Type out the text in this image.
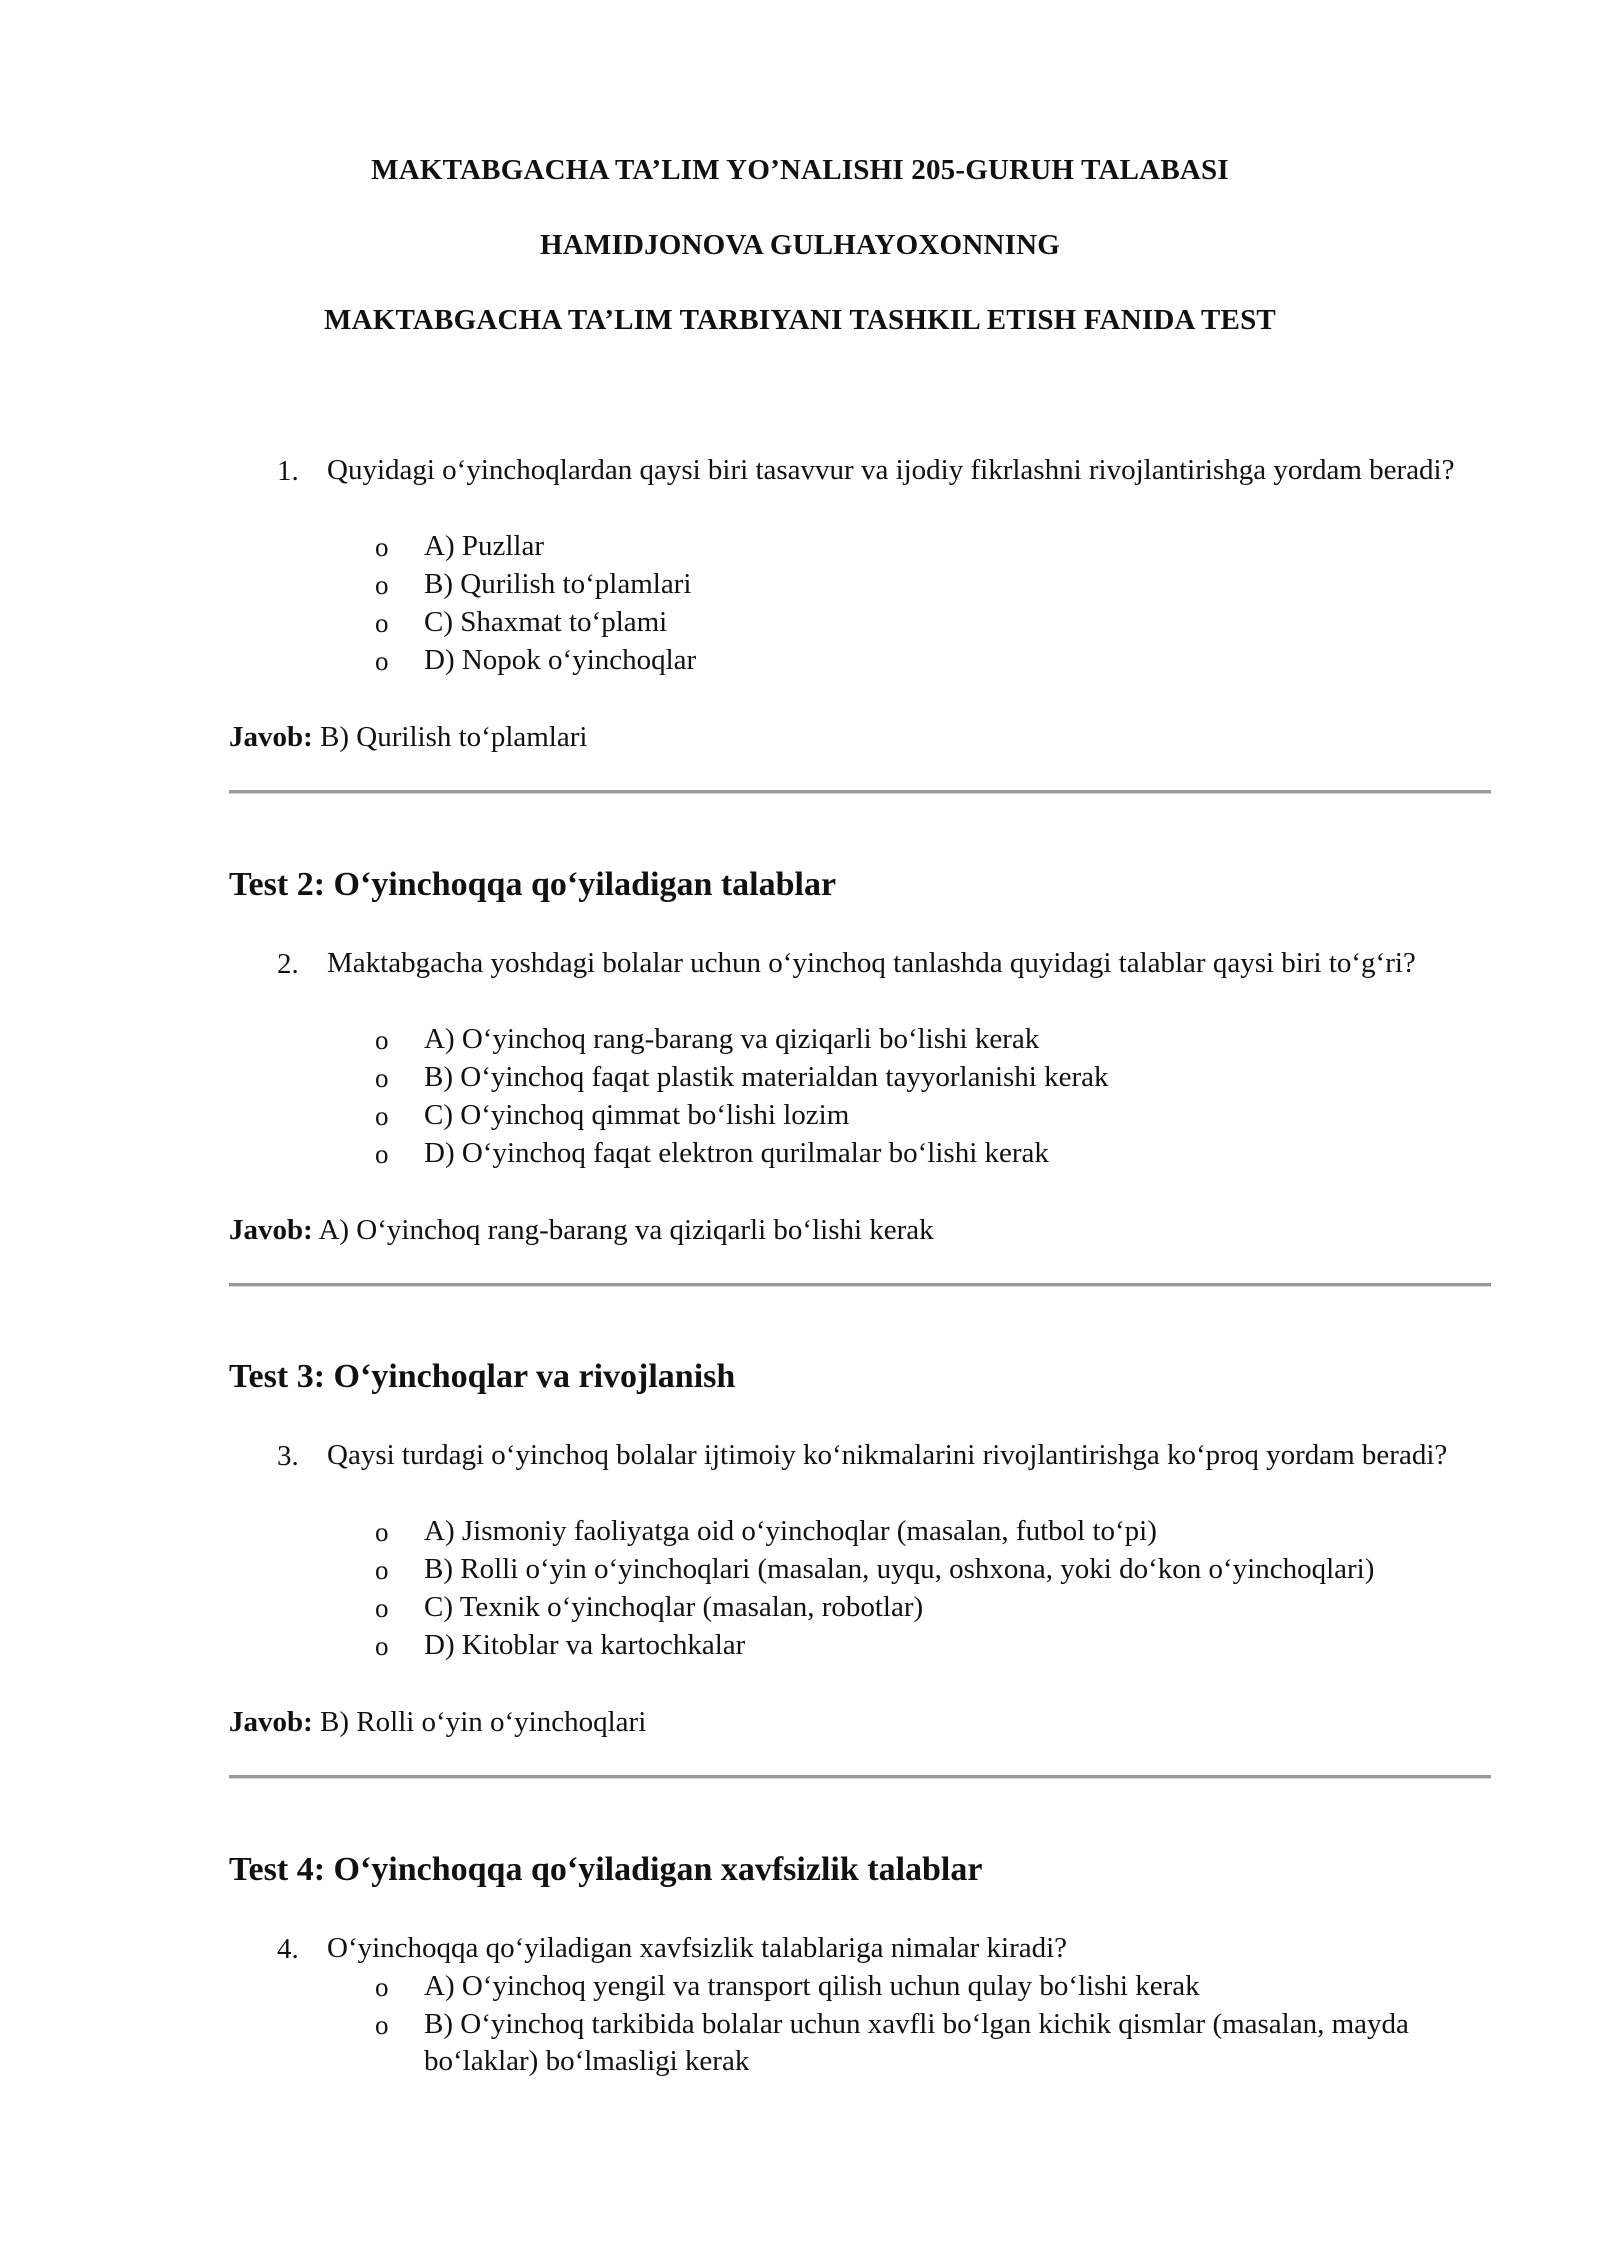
MAKTABGACHA TA’LIM YO’NALISHI 205-GURUH TALABASI
HAMIDJONOVA GULHAYOXONNING
MAKTABGACHA TA’LIM TARBIYANI TASHKIL ETISH FANIDA TEST
1. Quyidagi o‘yinchoqlardan qaysi biri tasavvur va ijodiy fikrlashni rivojlantirishga yordam beradi?
o A) Puzllar
o B) Qurilish to‘plamlari
o C) Shaxmat to‘plami
o D) Nopok o‘yinchoqlar
Javob: B) Qurilish to‘plamlari
Test 2: O‘yinchoqqa qo‘yiladigan talablar
2. Maktabgacha yoshdagi bolalar uchun o‘yinchoq tanlashda quyidagi talablar qaysi biri to‘g‘ri?
o A) O‘yinchoq rang-barang va qiziqarli bo‘lishi kerak
o B) O‘yinchoq faqat plastik materialdan tayyorlanishi kerak
o C) O‘yinchoq qimmat bo‘lishi lozim
o D) O‘yinchoq faqat elektron qurilmalar bo‘lishi kerak
Javob: A) O‘yinchoq rang-barang va qiziqarli bo‘lishi kerak
Test 3: O‘yinchoqlar va rivojlanish
3. Qaysi turdagi o‘yinchoq bolalar ijtimoiy ko‘nikmalarini rivojlantirishga ko‘proq yordam beradi?
o A) Jismoniy faoliyatga oid o‘yinchoqlar (masalan, futbol to‘pi)
o B) Rolli o‘yin o‘yinchoqlari (masalan, uyqu, oshxona, yoki do‘kon o‘yinchoqlari)
o C) Texnik o‘yinchoqlar (masalan, robotlar)
o D) Kitoblar va kartochkalar
Javob: B) Rolli o‘yin o‘yinchoqlari
Test 4: O‘yinchoqqa qo‘yiladigan xavfsizlik talablar
4. O‘yinchoqqa qo‘yiladigan xavfsizlik talablariga nimalar kiradi?
o A) O‘yinchoq yengil va transport qilish uchun qulay bo‘lishi kerak
o B) O‘yinchoq tarkibida bolalar uchun xavfli bo‘lgan kichik qismlar (masalan, mayda bo‘laklar) bo‘lmasligi kerak
